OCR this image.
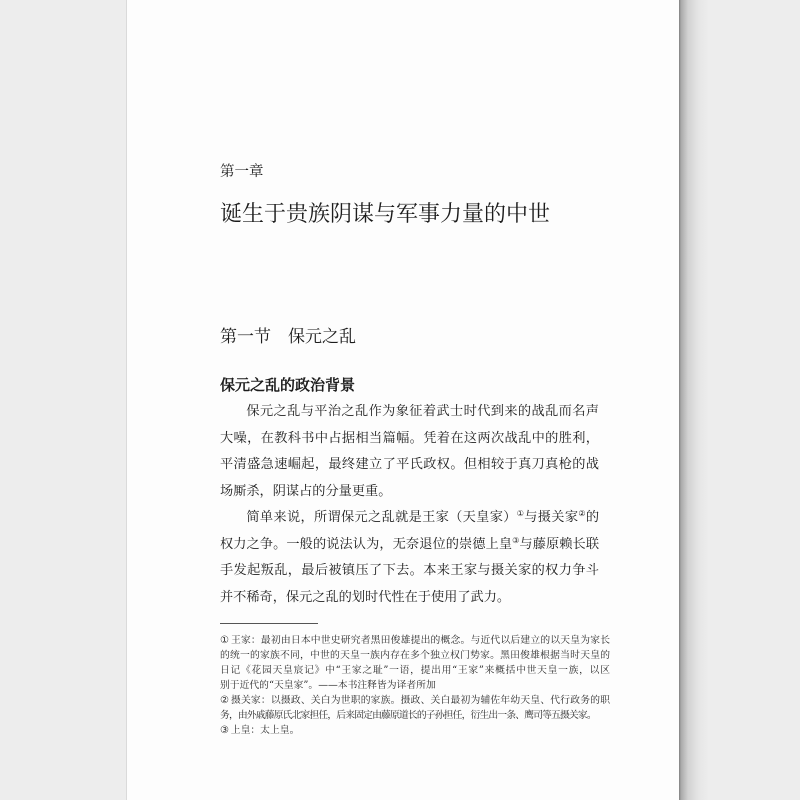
第一章
诞生于贵族阴谋与军事力量的中世
第一节 保元之乱
保元之乱的政治背景
保元之乱与平治之乱作为象征着武士时代到来的战乱而名声
大噪，在教科书中占据相当篇幅。凭着在这两次战乱中的胜利，
平清盛急速崛起，最终建立了平氏政权。但相较于真刀真枪的战
场厮杀，阴谋占的分量更重。
简单来说，所谓保元之乱就是王家（天皇家）①与摄关家②的
权力之争。一般的说法认为，无奈退位的崇德上皇③与藤原赖长联
手发起叛乱，最后被镇压了下去。本来王家与摄关家的权力争斗
并不稀奇，保元之乱的划时代性在于使用了武力。
① 王家：最初由日本中世史研究者黑田俊雄提出的概念。与近代以后建立的以天皇为家长
的统一的家族不同，中世的天皇一族内存在多个独立权门势家。黑田俊雄根据当时天皇的
日记《花园天皇宸记》中“王家之耻”一语，提出用“王家”来概括中世天皇一族，以区
别于近代的“天皇家”。——本书注释皆为译者所加
② 摄关家：以摄政、关白为世职的家族。摄政、关白最初为辅佐年幼天皇、代行政务的职
务，由外戚藤原氏北家担任，后来固定由藤原道长的子孙担任，衍生出一条、鹰司等五摄关家。
③ 上皇：太上皇。
